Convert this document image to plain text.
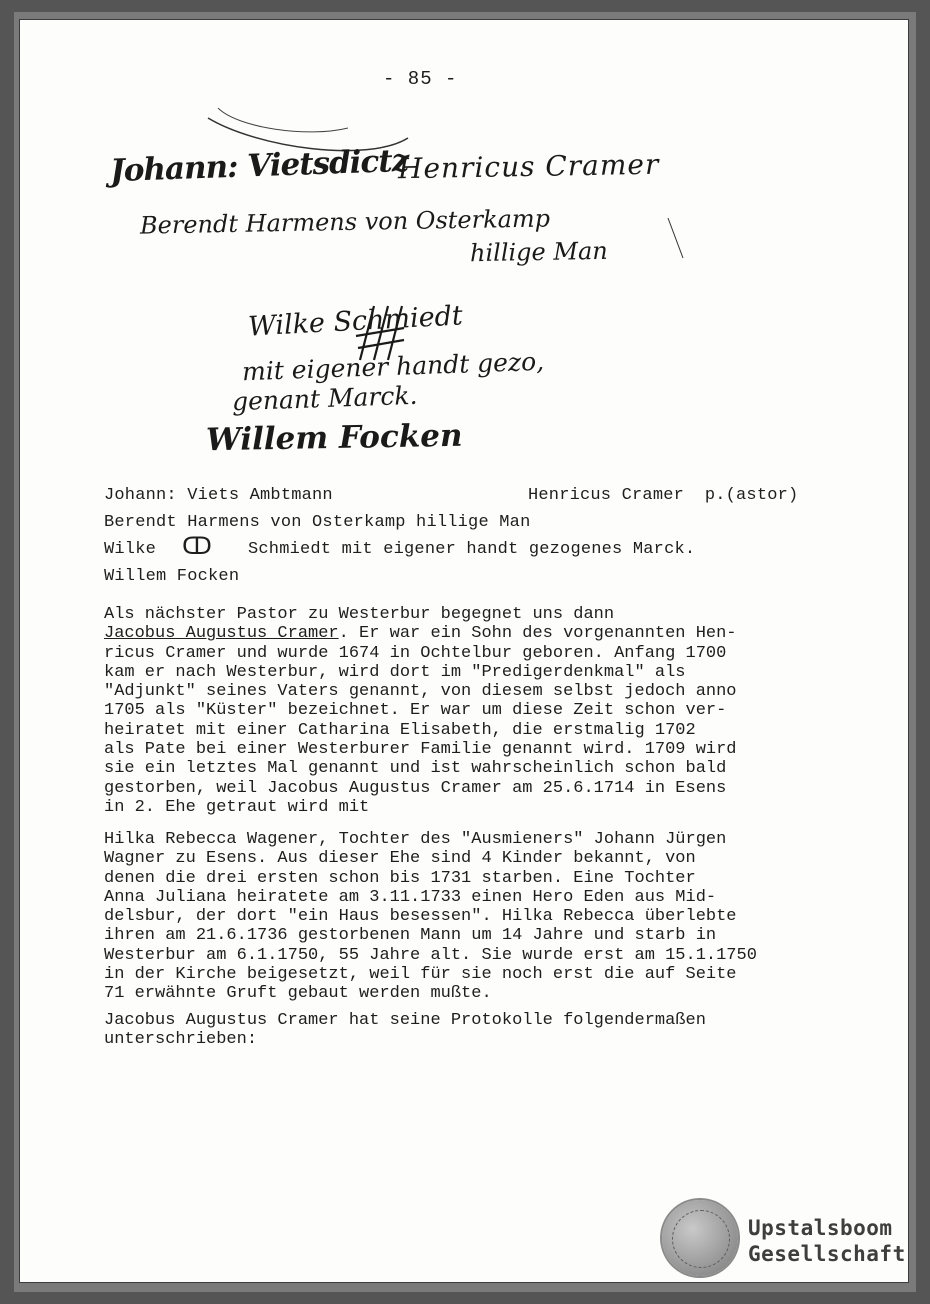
- 85 -
Johann: Vietsdictz
Henricus Cramer
Berendt Harmens von Osterkamp
hillige Man
Wilke Schmiedt
mit eigener handt gezo,
genant Marck.
Willem Focken
Johann: Viets Ambtmann	Henricus Cramer  p.(astor)
Berendt Harmens von Osterkamp hillige Man
Wilke ↀ Schmiedt mit eigener handt gezogenes Marck.
Willem Focken
Als nächster Pastor zu Westerbur begegnet uns dann
Jacobus Augustus Cramer. Er war ein Sohn des vorgenannten Hen-
ricus Cramer und wurde 1674 in Ochtelbur geboren. Anfang 1700
kam er nach Westerbur, wird dort im "Predigerdenkmal" als
"Adjunkt" seines Vaters genannt, von diesem selbst jedoch anno
1705 als "Küster" bezeichnet. Er war um diese Zeit schon ver-
heiratet mit einer Catharina Elisabeth, die erstmalig 1702
als Pate bei einer Westerburer Familie genannt wird. 1709 wird
sie ein letztes Mal genannt und ist wahrscheinlich schon bald
gestorben, weil Jacobus Augustus Cramer am 25.6.1714 in Esens
in 2. Ehe getraut wird mit
Hilka Rebecca Wagener, Tochter des "Ausmieners" Johann Jürgen
Wagner zu Esens. Aus dieser Ehe sind 4 Kinder bekannt, von
denen die drei ersten schon bis 1731 starben. Eine Tochter
Anna Juliana heiratete am 3.11.1733 einen Hero Eden aus Mid-
delsbur, der dort "ein Haus besessen". Hilka Rebecca überlebte
ihren am 21.6.1736 gestorbenen Mann um 14 Jahre und starb in
Westerbur am 6.1.1750, 55 Jahre alt. Sie wurde erst am 15.1.1750
in der Kirche beigesetzt, weil für sie noch erst die auf Seite
71 erwähnte Gruft gebaut werden mußte.
Jacobus Augustus Cramer hat seine Protokolle folgendermaßen
unterschrieben:
Upstalsboom
Gesellschaft
